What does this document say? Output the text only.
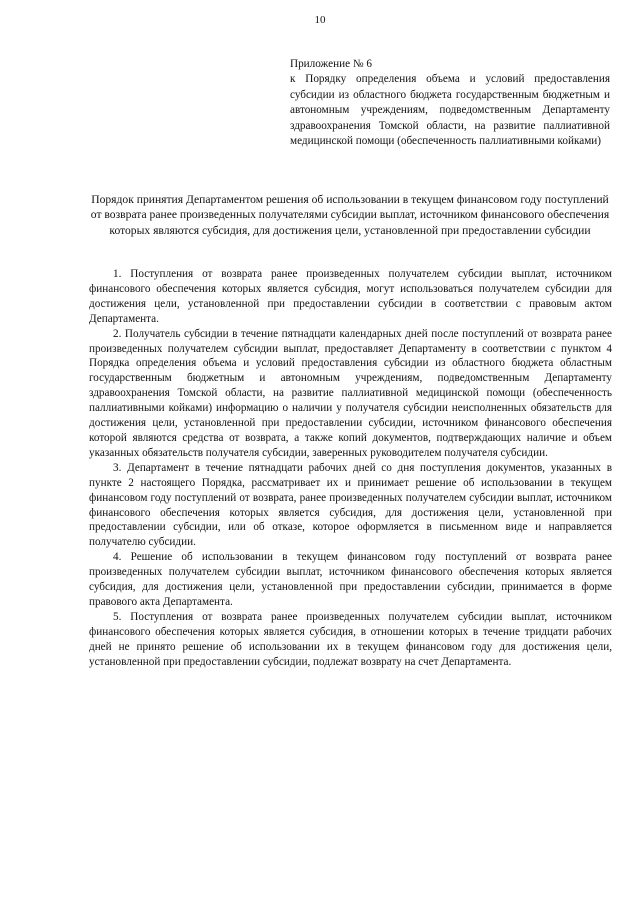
10

Приложение № 6

к Порядку определения объема и условий предоставления субсидии из областного бюджета государственным бюджетным и автономным учреждениям, подведомственным Департаменту здравоохранения Томской области, на развитие паллиативной медицинской помощи (обеспеченность паллиативными койками)

Порядок принятия Департаментом решения об использовании в текущем финансовом году поступлений от возврата ранее произведенных получателями субсидии выплат, источником финансового обеспечения которых являются субсидия, для достижения цели, установленной при предоставлении субсидии

1. Поступления от возврата ранее произведенных получателем субсидии выплат, источником финансового обеспечения которых является субсидия, могут использоваться получателем субсидии для достижения цели, установленной при предоставлении субсидии в соответствии с правовым актом Департамента.

2. Получатель субсидии в течение пятнадцати календарных дней после поступлений от возврата ранее произведенных получателем субсидии выплат, предоставляет Департаменту в соответствии с пунктом 4 Порядка определения объема и условий предоставления субсидии из областного бюджета областным государственным бюджетным и автономным учреждениям, подведомственным Департаменту здравоохранения Томской области, на развитие паллиативной медицинской помощи (обеспеченность паллиативными койками) информацию о наличии у получателя субсидии неисполненных обязательств для достижения цели, установленной при предоставлении субсидии, источником финансового обеспечения которой являются средства от возврата, а также копий документов, подтверждающих наличие и объем указанных обязательств получателя субсидии, заверенных руководителем получателя субсидии.

3. Департамент в течение пятнадцати рабочих дней со дня поступления документов, указанных в пункте 2 настоящего Порядка, рассматривает их и принимает решение об использовании в текущем финансовом году поступлений от возврата, ранее произведенных получателем субсидии выплат, источником финансового обеспечения которых является субсидия, для достижения цели, установленной при предоставлении субсидии, или об отказе, которое оформляется в письменном виде и направляется получателю субсидии.

4. Решение об использовании в текущем финансовом году поступлений от возврата ранее произведенных получателем субсидии выплат, источником финансового обеспечения которых является субсидия, для достижения цели, установленной при предоставлении субсидии, принимается в форме правового акта Департамента.

5. Поступления от возврата ранее произведенных получателем субсидии выплат, источником финансового обеспечения которых является субсидия, в отношении которых в течение тридцати рабочих дней не принято решение об использовании их в текущем финансовом году для достижения цели, установленной при предоставлении субсидии, подлежат возврату на счет Департамента.
